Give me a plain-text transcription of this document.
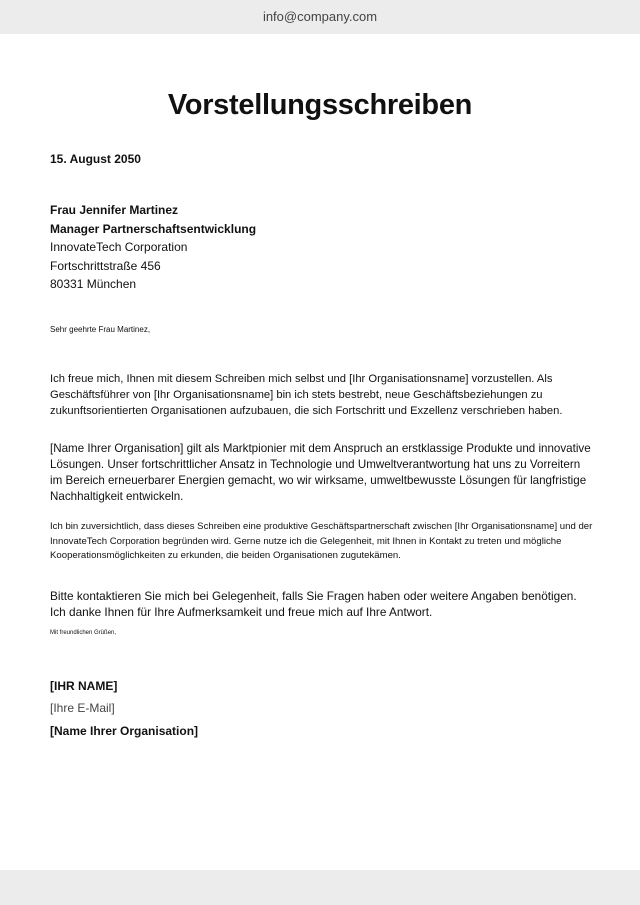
info@company.com
Vorstellungsschreiben

15. August 2050

Frau Jennifer Martinez
Manager Partnerschaftsentwicklung
InnovateTech Corporation
Fortschrittstraße 456
80331 München

Sehr geehrte Frau Martinez,

Ich freue mich, Ihnen mit diesem Schreiben mich selbst und [Ihr Organisationsname] vorzustellen. Als Geschäftsführer von [Ihr Organisationsname] bin ich stets bestrebt, neue Geschäftsbeziehungen zu zukunftsorientierten Organisationen aufzubauen, die sich Fortschritt und Exzellenz verschrieben haben.

[Name Ihrer Organisation] gilt als Marktpionier mit dem Anspruch an erstklassige Produkte und innovative Lösungen. Unser fortschrittlicher Ansatz in Technologie und Umweltverantwortung hat uns zu Vorreitern im Bereich erneuerbarer Energien gemacht, wo wir wirksame, umweltbewusste Lösungen für langfristige Nachhaltigkeit entwickeln.

Ich bin zuversichtlich, dass dieses Schreiben eine produktive Geschäftspartnerschaft zwischen [Ihr Organisationsname] und der InnovateTech Corporation begründen wird. Gerne nutze ich die Gelegenheit, mit Ihnen in Kontakt zu treten und mögliche Kooperationsmöglichkeiten zu erkunden, die beiden Organisationen zugutekämen.

Bitte kontaktieren Sie mich bei Gelegenheit, falls Sie Fragen haben oder weitere Angaben benötigen. Ich danke Ihnen für Ihre Aufmerksamkeit und freue mich auf Ihre Antwort.

Mit freundlichen Grüßen,

[IHR NAME]

[Ihre E-Mail]

[Name Ihrer Organisation]
